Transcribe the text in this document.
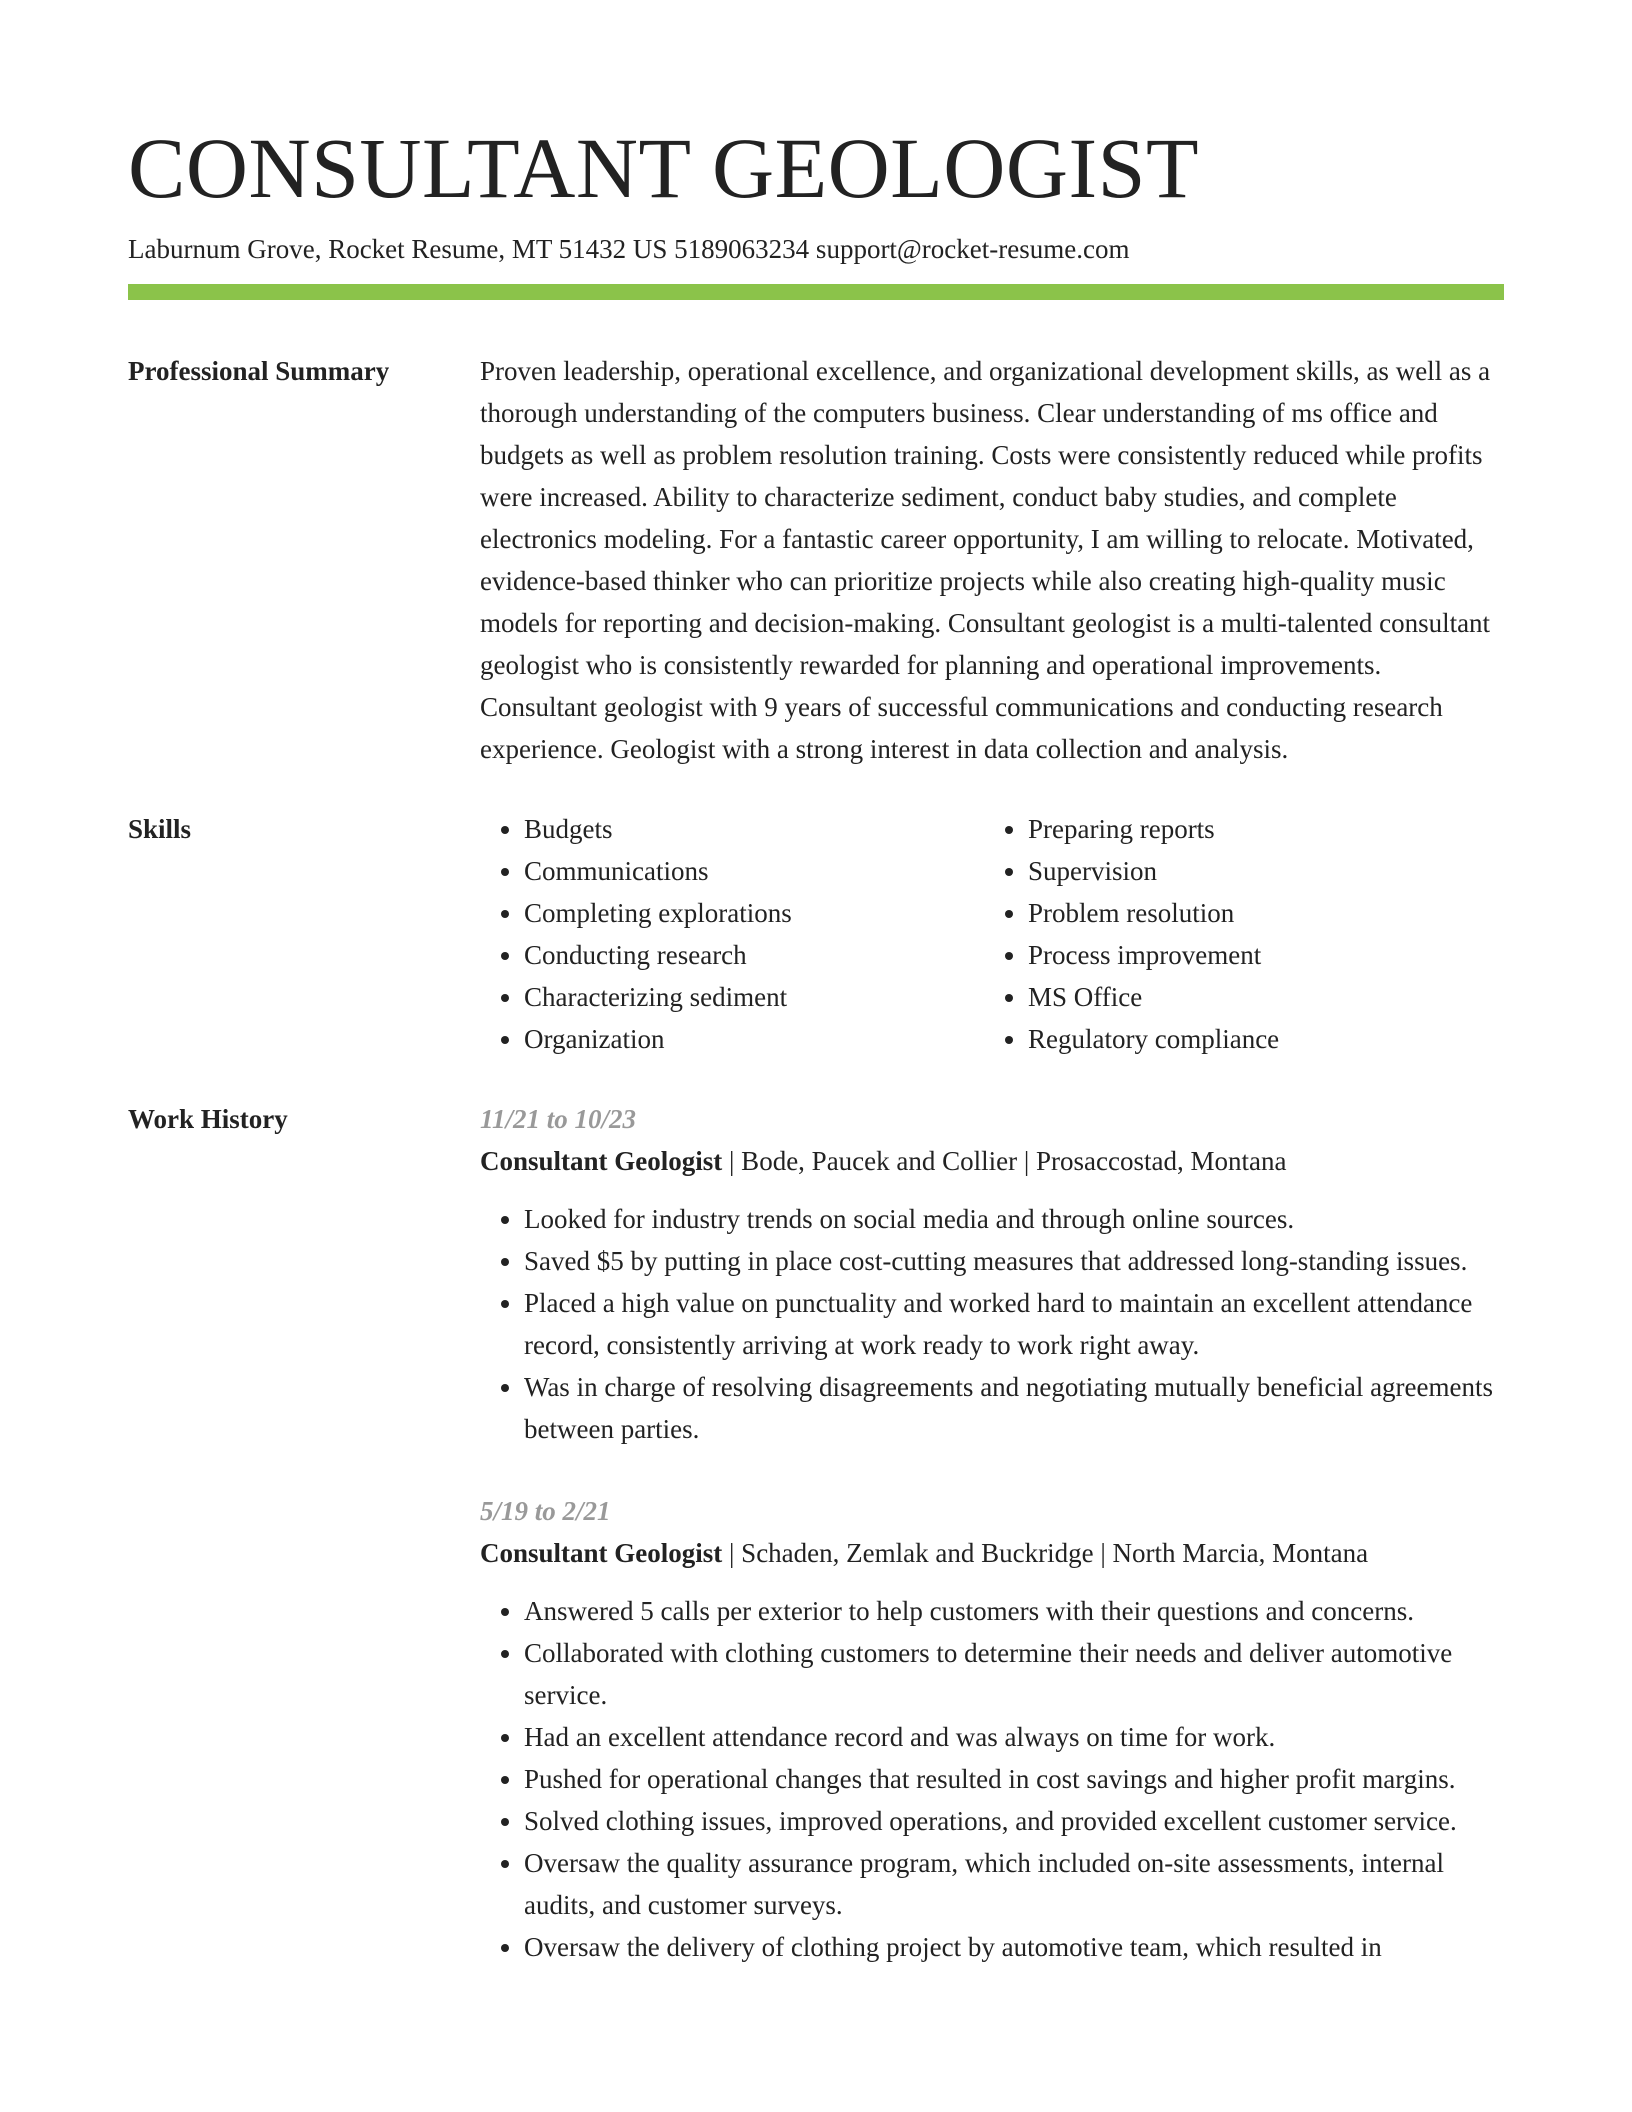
CONSULTANT GEOLOGIST
Laburnum Grove, Rocket Resume, MT 51432 US 5189063234 support@rocket-resume.com
Professional Summary	Proven leadership, operational excellence, and organizational development skills, as well as a thorough understanding of the computers business. Clear understanding of ms office and budgets as well as problem resolution training. Costs were consistently reduced while profits were increased. Ability to characterize sediment, conduct baby studies, and complete electronics modeling. For a fantastic career opportunity, I am willing to relocate. Motivated, evidence-based thinker who can prioritize projects while also creating high-quality music models for reporting and decision-making. Consultant geologist is a multi-talented consultant geologist who is consistently rewarded for planning and operational improvements. Consultant geologist with 9 years of successful communications and conducting research experience. Geologist with a strong interest in data collection and analysis.

Skills
•	Budgets
• Communications
• Completing explorations
• Conducting research
• Characterizing sediment
• Organization
• Preparing reports
• Supervision
• Problem resolution
• Process improvement
• MS Office
• Regulatory compliance
Work History	11/21 to 10/23
Consultant Geologist | Bode, Paucek and Collier | Prosaccostad, Montana
• Looked for industry trends on social media and through online sources.
• Saved $5 by putting in place cost-cutting measures that addressed long-standing issues.
• Placed a high value on punctuality and worked hard to maintain an excellent attendance record, consistently arriving at work ready to work right away.
• Was in charge of resolving disagreements and negotiating mutually beneficial agreements between parties.
5/19 to 2/21
Consultant Geologist | Schaden, Zemlak and Buckridge | North Marcia, Montana
• Answered 5 calls per exterior to help customers with their questions and concerns.
• Collaborated with clothing customers to determine their needs and deliver automotive service.
• Had an excellent attendance record and was always on time for work.
• Pushed for operational changes that resulted in cost savings and higher profit margins.
• Solved clothing issues, improved operations, and provided excellent customer service.
• Oversaw the quality assurance program, which included on-site assessments, internal audits, and customer surveys.
• Oversaw the delivery of clothing project by automotive team, which resulted in
